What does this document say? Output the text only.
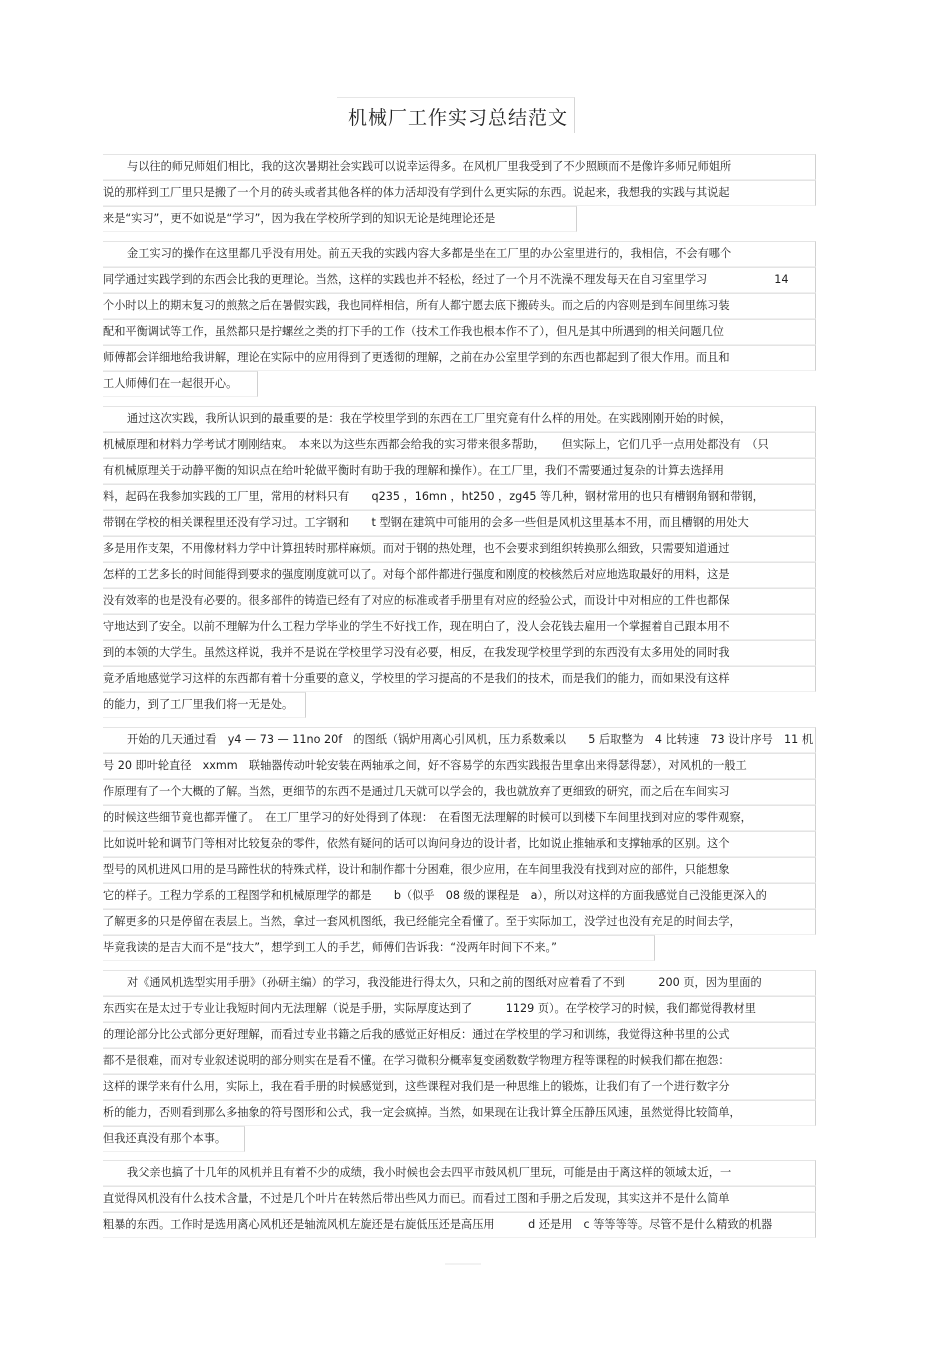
机械厂工作实习总结范文
与以往的师兄师姐们相比，我的这次暑期社会实践可以说幸运得多。在风机厂里我受到了不少照顾而不是像许多师兄师姐所
说的那样到工厂里只是搬了一个月的砖头或者其他各样的体力活却没有学到什么更实际的东西。说起来，我想我的实践与其说起
来是“实习”，更不如说是“学习”，因为我在学校所学到的知识无论是纯理论还是
金工实习的操作在这里都几乎没有用处。前五天我的实践内容大多都是坐在工厂里的办公室里进行的，我相信，不会有哪个
同学通过实践学到的东西会比我的更理论。当然，这样的实践也并不轻松，经过了一个月不洗澡不理发每天在自习室里学习　　　　　　14
个小时以上的期末复习的煎熬之后在暑假实践，我也同样相信，所有人都宁愿去底下搬砖头。而之后的内容则是到车间里练习装
配和平衡调试等工作，虽然都只是拧螺丝之类的打下手的工作（技术工作我也根本作不了），但凡是其中所遇到的相关问题几位
师傅都会详细地给我讲解，理论在实际中的应用得到了更透彻的理解，之前在办公室里学到的东西也都起到了很大作用。而且和
工人师傅们在一起很开心。
通过这次实践，我所认识到的最重要的是：我在学校里学到的东西在工厂里究竟有什么样的用处。在实践刚刚开始的时候，
机械原理和材料力学考试才刚刚结束。　本来以为这些东西都会给我的实习带来很多帮助，　　但实际上，它们几乎一点用处都没有　（只
有机械原理关于动静平衡的知识点在给叶轮做平衡时有助于我的理解和操作）。在工厂里，我们不需要通过复杂的计算去选择用
料，起码在我参加实践的工厂里，常用的材料只有　　q235 ，16mn ，ht250 ，zg45 等几种，钢材常用的也只有槽钢角钢和带钢，
带钢在学校的相关课程里还没有学习过。工字钢和　　t 型钢在建筑中可能用的会多一些但是风机这里基本不用，而且槽钢的用处大
多是用作支架，不用像材料力学中计算扭转时那样麻烦。而对于钢的热处理，也不会要求到组织转换那么细致，只需要知道通过
怎样的工艺多长的时间能得到要求的强度刚度就可以了。对每个部件都进行强度和刚度的校核然后对应地选取最好的用料，这是
没有效率的也是没有必要的。很多部件的铸造已经有了对应的标准或者手册里有对应的经验公式，而设计中对相应的工件也都保
守地达到了安全。以前不理解为什么工程力学毕业的学生不好找工作，现在明白了，没人会花钱去雇用一个掌握着自己跟本用不
到的本领的大学生。虽然这样说，我并不是说在学校里学习没有必要，相反，在我发现学校里学到的东西没有太多用处的同时我
竟矛盾地感觉学习这样的东西都有着十分重要的意义，学校里的学习提高的不是我们的技术，而是我们的能力，而如果没有这样
的能力，到了工厂里我们将一无是处。
开始的几天通过看　y4 — 73 — 11no 20f　的图纸（锅炉用离心引风机，压力系数乘以　　5 后取整为　4 比转速　73 设计序号　11 机
号 20 即叶轮直径　xxmm　联轴器传动叶轮安装在两轴承之间，好不容易学的东西实践报告里拿出来得瑟得瑟），对风机的一般工
作原理有了一个大概的了解。当然，更细节的东西不是通过几天就可以学会的，我也就放弃了更细致的研究，而之后在车间实习
的时候这些细节竟也都弄懂了。　在工厂里学习的好处得到了体现：　在看图无法理解的时候可以到楼下车间里找到对应的零件观察，
比如说叶轮和调节门等相对比较复杂的零件，依然有疑问的话可以询问身边的设计者，比如说止推轴承和支撑轴承的区别。这个
型号的风机进风口用的是马蹄性状的特殊式样，设计和制作都十分困难，很少应用，在车间里我没有找到对应的部件，只能想象
它的样子。工程力学系的工程图学和机械原理学的都是　　b（似乎　08 级的课程是　a），所以对这样的方面我感觉自己没能更深入的
了解更多的只是停留在表层上。当然，拿过一套风机图纸，我已经能完全看懂了。至于实际加工，没学过也没有充足的时间去学，
毕竟我读的是吉大而不是“技大”，想学到工人的手艺，师傅们告诉我：“没两年时间下不来。”
对《通风机选型实用手册》（孙研主编）的学习，我没能进行得太久，只和之前的图纸对应着看了不到　　　200 页，因为里面的
东西实在是太过于专业让我短时间内无法理解（说是手册，实际厚度达到了　　　1129 页）。在学校学习的时候，我们都觉得教材里
的理论部分比公式部分更好理解，而看过专业书籍之后我的感觉正好相反：通过在学校里的学习和训练，我觉得这种书里的公式
都不是很难，而对专业叙述说明的部分则实在是看不懂。在学习微积分概率复变函数数学物理方程等课程的时候我们都在抱怨：
这样的课学来有什么用，实际上，我在看手册的时候感觉到，这些课程对我们是一种思维上的锻炼，让我们有了一个进行数字分
析的能力，否则看到那么多抽象的符号图形和公式，我一定会疯掉。当然，如果现在让我计算全压静压风速，虽然觉得比较简单，
但我还真没有那个本事。
我父亲也搞了十几年的风机并且有着不少的成绩，我小时候也会去四平市鼓风机厂里玩，可能是由于离这样的领域太近，一
直觉得风机没有什么技术含量，不过是几个叶片在转然后带出些风力而已。而看过工图和手册之后发现，其实这并不是什么简单
粗暴的东西。工作时是选用离心风机还是轴流风机左旋还是右旋低压还是高压用　　　d 还是用　c 等等等等。尽管不是什么精致的机器
